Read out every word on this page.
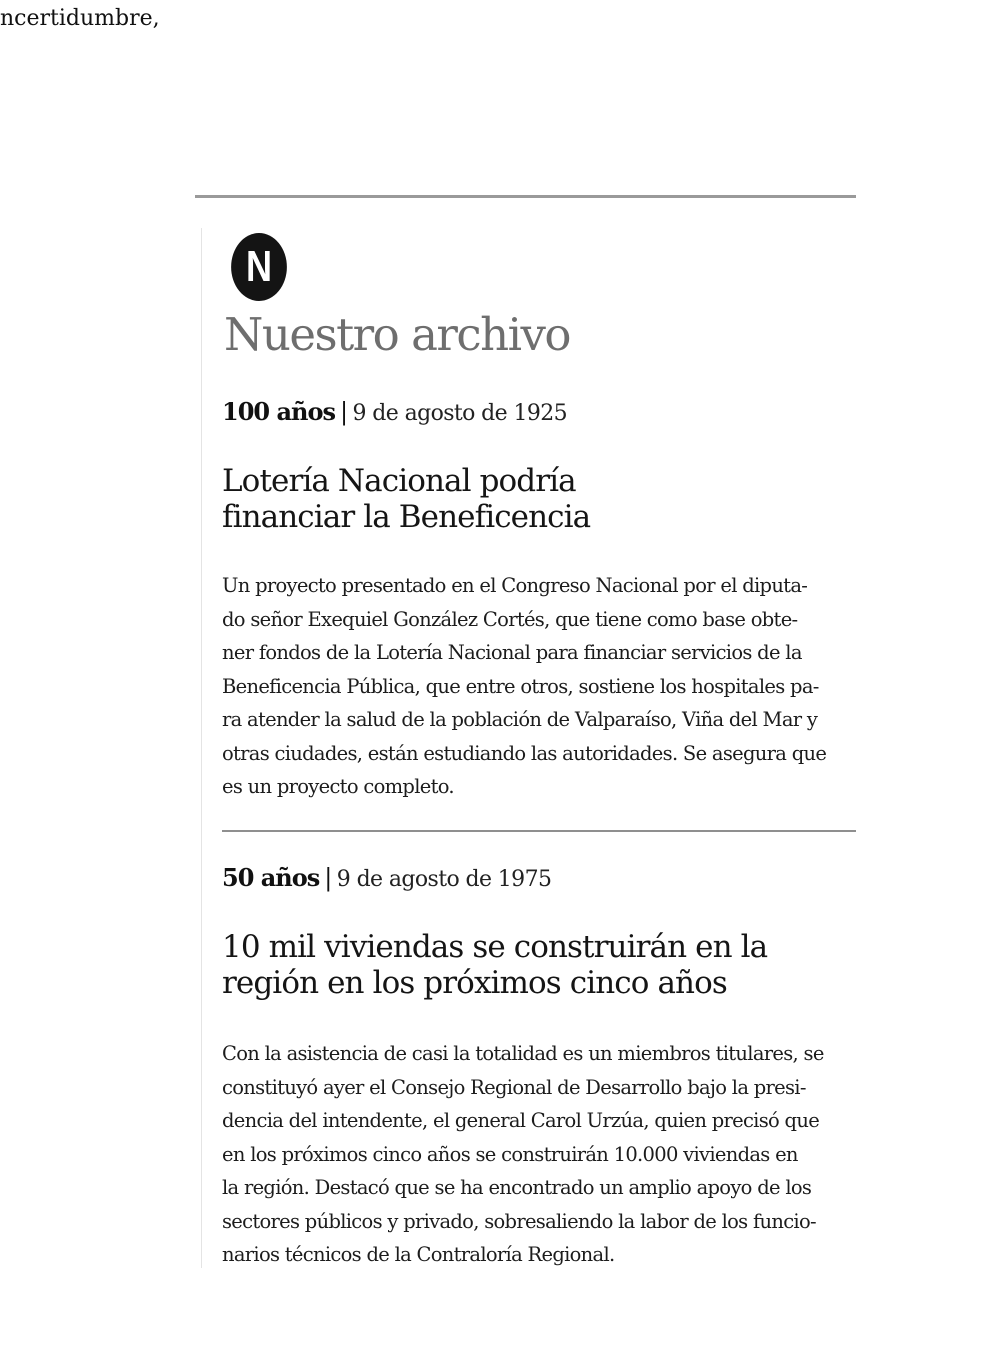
ncertidumbre,
N
Nuestro archivo
100 años | 9 de agosto de 1925
Lotería Nacional podría
financiar la Beneficencia
Un proyecto presentado en el Congreso Nacional por el diputa-
do señor Exequiel González Cortés, que tiene como base obte-
ner fondos de la Lotería Nacional para financiar servicios de la
Beneficencia Pública, que entre otros, sostiene los hospitales pa-
ra atender la salud de la población de Valparaíso, Viña del Mar y
otras ciudades, están estudiando las autoridades. Se asegura que
es un proyecto completo.
50 años | 9 de agosto de 1975
10 mil viviendas se construirán en la
región en los próximos cinco años
Con la asistencia de casi la totalidad es un miembros titulares, se
constituyó ayer el Consejo Regional de Desarrollo bajo la presi-
dencia del intendente, el general Carol Urzúa, quien precisó que
en los próximos cinco años se construirán 10.000 viviendas en
la región. Destacó que se ha encontrado un amplio apoyo de los
sectores públicos y privado, sobresaliendo la labor de los funcio-
narios técnicos de la Contraloría Regional.
